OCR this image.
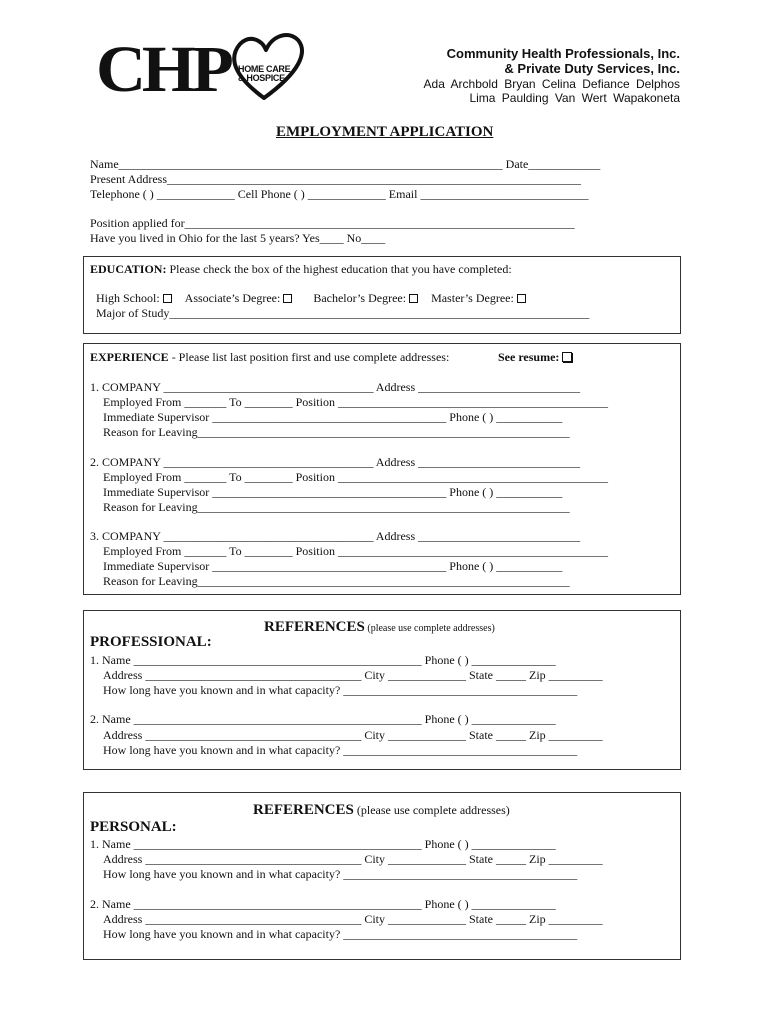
CHP HOME CARE
& HOSPICE
Community Health Professionals, Inc.
& Private Duty Services, Inc.
Ada Archbold Bryan Celina Defiance Delphos
Lima Paulding Van Wert Wapakoneta
EMPLOYMENT APPLICATION
Name________________________________________________________________ Date____________
Present Address_____________________________________________________________________
Telephone ( ) _____________ Cell Phone ( ) _____________ Email ____________________________
Position applied for_________________________________________________________________
Have you lived in Ohio for the last 5 years? Yes____ No____
EDUCATION: Please check the box of the highest education that you have completed:
High School: Associate’s Degree:	Bachelor’s Degree: Master’s Degree:
Major of Study______________________________________________________________________
EXPERIENCE - Please list last position first and use complete addresses:	See resume:
1. COMPANY ___________________________________ Address ___________________________
Employed From _______ To ________ Position _____________________________________________
Immediate Supervisor _______________________________________ Phone ( ) ___________
Reason for Leaving______________________________________________________________
2. COMPANY ___________________________________ Address ___________________________
Employed From _______ To ________ Position _____________________________________________
Immediate Supervisor _______________________________________ Phone ( ) ___________
Reason for Leaving______________________________________________________________
3. COMPANY ___________________________________ Address ___________________________
Employed From _______ To ________ Position _____________________________________________
Immediate Supervisor _______________________________________ Phone ( ) ___________
Reason for Leaving______________________________________________________________
REFERENCES (please use complete addresses)
PROFESSIONAL:
1. Name ________________________________________________ Phone ( ) ______________
Address ____________________________________ City _____________ State _____ Zip _________
How long have you known and in what capacity? _______________________________________
2. Name ________________________________________________ Phone ( ) ______________
Address ____________________________________ City _____________ State _____ Zip _________
How long have you known and in what capacity? _______________________________________
REFERENCES (please use complete addresses)
PERSONAL:
1. Name ________________________________________________ Phone ( ) ______________
Address ____________________________________ City _____________ State _____ Zip _________
How long have you known and in what capacity? _______________________________________
2. Name ________________________________________________ Phone ( ) ______________
Address ____________________________________ City _____________ State _____ Zip _________
How long have you known and in what capacity? _______________________________________
